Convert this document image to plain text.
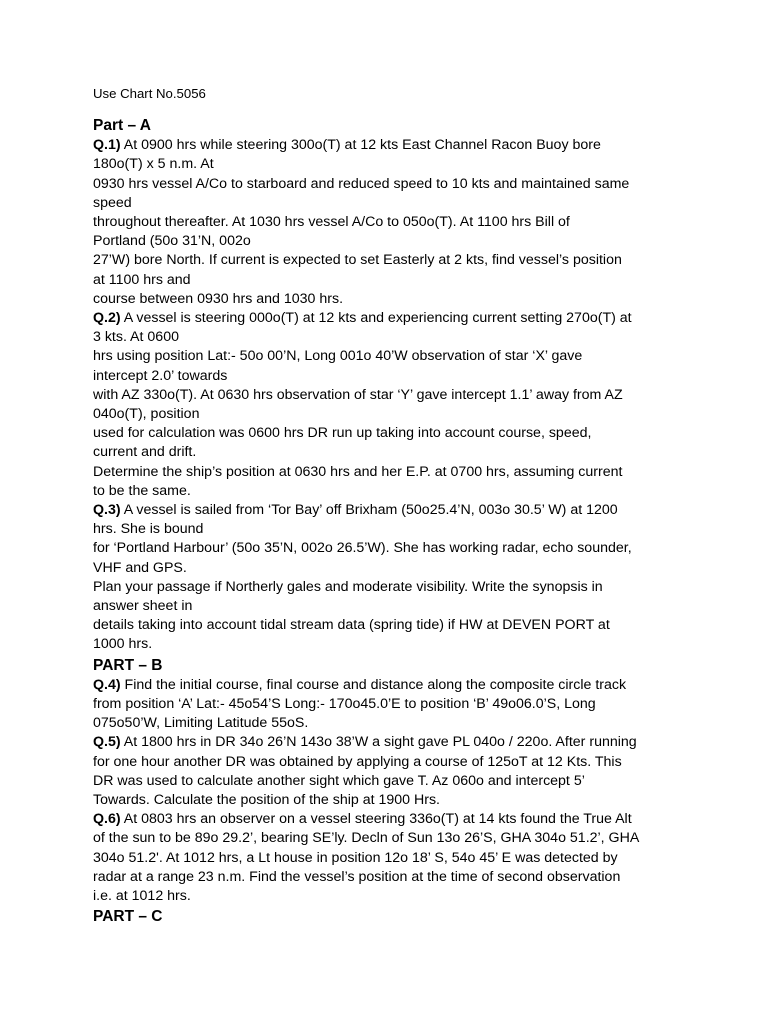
Use Chart No.5056
Part – A
Q.1) At 0900 hrs while steering 300o(T) at 12 kts East Channel Racon Buoy bore
180o(T) x 5 n.m. At
0930 hrs vessel A/Co to starboard and reduced speed to 10 kts and maintained same
speed
throughout thereafter. At 1030 hrs vessel A/Co to 050o(T). At 1100 hrs Bill of
Portland (50o 31’N, 002o
27’W) bore North. If current is expected to set Easterly at 2 kts, find vessel’s position
at 1100 hrs and
course between 0930 hrs and 1030 hrs.
Q.2) A vessel is steering 000o(T) at 12 kts and experiencing current setting 270o(T) at
3 kts. At 0600
hrs using position Lat:- 50o 00’N, Long 001o 40’W observation of star ‘X’ gave
intercept 2.0’ towards
with AZ 330o(T). At 0630 hrs observation of star ‘Y’ gave intercept 1.1’ away from AZ
040o(T), position
used for calculation was 0600 hrs DR run up taking into account course, speed,
current and drift.
Determine the ship’s position at 0630 hrs and her E.P. at 0700 hrs, assuming current
to be the same.
Q.3) A vessel is sailed from ‘Tor Bay’ off Brixham (50o25.4’N, 003o 30.5’ W) at 1200
hrs. She is bound
for ‘Portland Harbour’ (50o 35’N, 002o 26.5’W). She has working radar, echo sounder,
VHF and GPS.
Plan your passage if Northerly gales and moderate visibility. Write the synopsis in
answer sheet in
details taking into account tidal stream data (spring tide) if HW at DEVEN PORT at
1000 hrs.
PART – B
Q.4) Find the initial course, final course and distance along the composite circle track
from position ‘A’ Lat:- 45o54’S Long:- 170o45.0’E to position ‘B’ 49o06.0’S, Long
075o50’W, Limiting Latitude 55oS.
Q.5) At 1800 hrs in DR 34o 26’N 143o 38’W a sight gave PL 040o / 220o. After running
for one hour another DR was obtained by applying a course of 125oT at 12 Kts. This
DR was used to calculate another sight which gave T. Az 060o and intercept 5’
Towards. Calculate the position of the ship at 1900 Hrs.
Q.6) At 0803 hrs an observer on a vessel steering 336o(T) at 14 kts found the True Alt
of the sun to be 89o 29.2’, bearing SE’ly. Decln of Sun 13o 26’S, GHA 304o 51.2’, GHA
304o 51.2'. At 1012 hrs, a Lt house in position 12o 18’ S, 54o 45’ E was detected by
radar at a range 23 n.m. Find the vessel’s position at the time of second observation
i.e. at 1012 hrs.
PART – C
